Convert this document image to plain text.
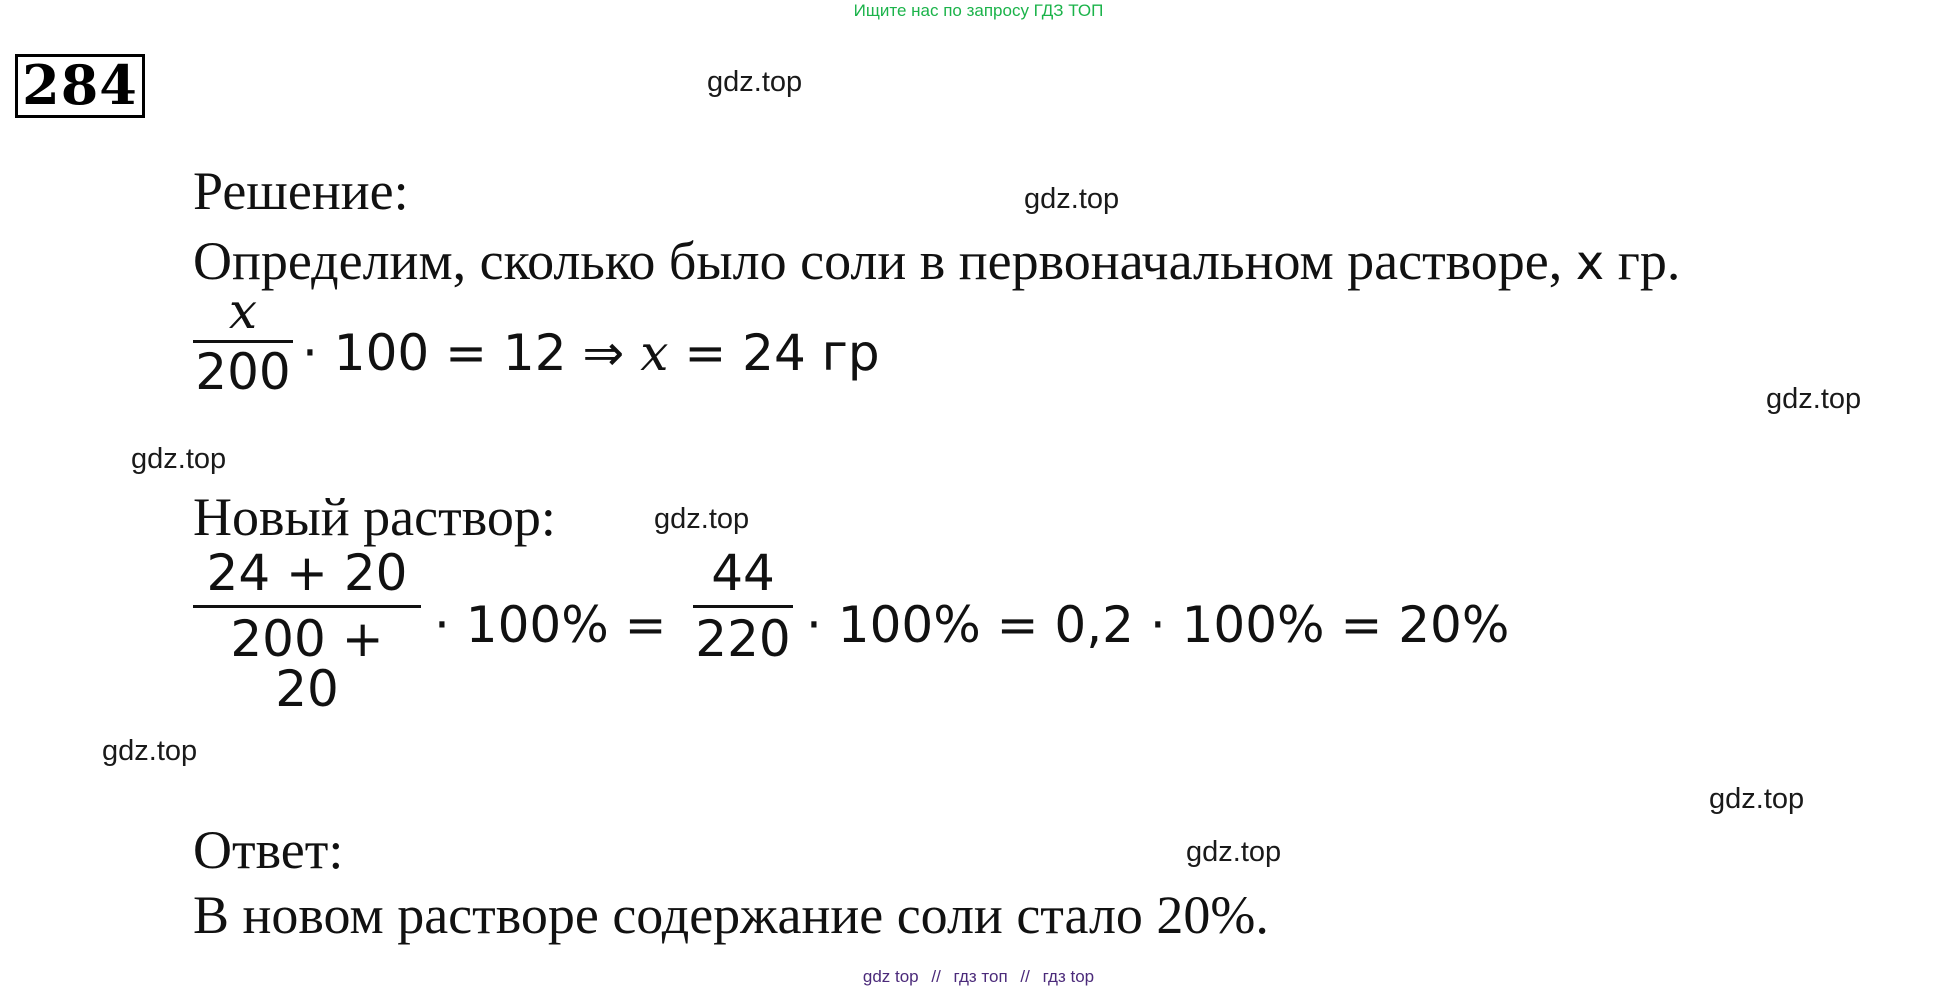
Ищите нас по запросу ГДЗ ТОП
284	gdz.top
gdz.top
gdz.top
gdz.top
gdz.top
gdz.top
gdz.top
gdz.top
Решение:
Определим, сколько было соли в первоначальном растворе, x гр.
x
200 · 100 = 12 ⇒ x = 24 гр
Новый раствор:
24 + 20
200 + 20
· 100% =
44
220 · 100% = 0,2 · 100% = 20%
Ответ:
В новом растворе содержание соли стало 20%.
gdz top // гдз топ // гдз top
